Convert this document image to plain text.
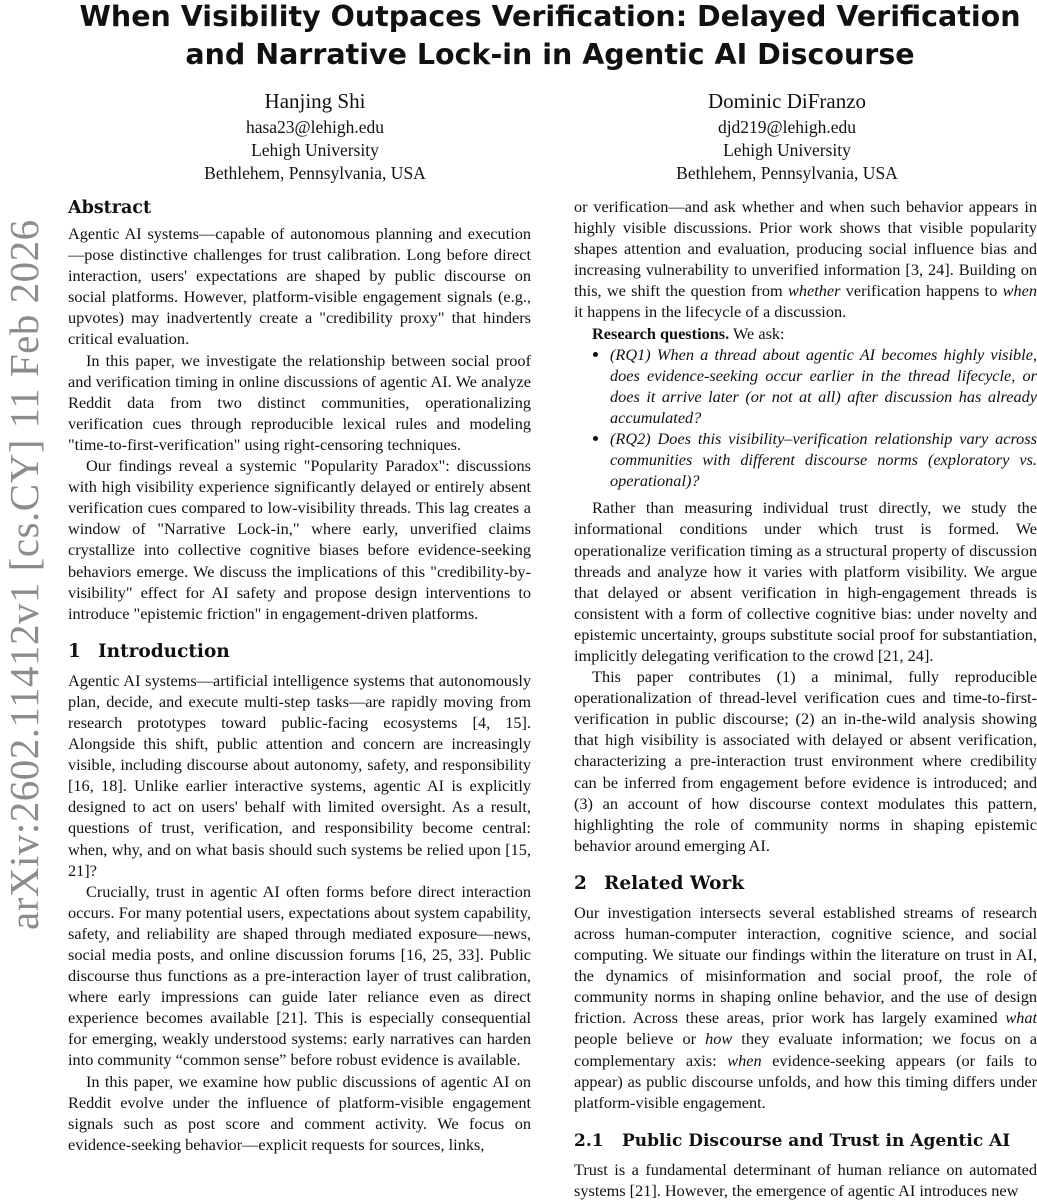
arXiv:2602.11412v1 [cs.CY] 11 Feb 2026
When Visibility Outpaces Verification: Delayed Verification and Narrative Lock-in in Agentic AI Discourse
Hanjing Shi
hasa23@lehigh.edu
Lehigh University
Bethlehem, Pennsylvania, USA
Dominic DiFranzo
djd219@lehigh.edu
Lehigh University
Bethlehem, Pennsylvania, USA
Abstract

Agentic AI systems—capable of autonomous planning and execution—pose distinctive challenges for trust calibration. Long before direct interaction, users' expectations are shaped by public discourse on social platforms. However, platform-visible engagement signals (e.g., upvotes) may inadvertently create a "credibility proxy" that hinders critical evaluation.

In this paper, we investigate the relationship between social proof and verification timing in online discussions of agentic AI. We analyze Reddit data from two distinct communities, operationalizing verification cues through reproducible lexical rules and modeling "time-to-first-verification" using right-censoring techniques.

Our findings reveal a systemic "Popularity Paradox": discussions with high visibility experience significantly delayed or entirely absent verification cues compared to low-visibility threads. This lag creates a window of "Narrative Lock-in," where early, unverified claims crystallize into collective cognitive biases before evidence-seeking behaviors emerge. We discuss the implications of this "credibility-by-visibility" effect for AI safety and propose design interventions to introduce "epistemic friction" in engagement-driven platforms.

1 Introduction

Agentic AI systems—artificial intelligence systems that autonomously plan, decide, and execute multi-step tasks—are rapidly moving from research prototypes toward public-facing ecosystems [4, 15]. Alongside this shift, public attention and concern are increasingly visible, including discourse about autonomy, safety, and responsibility [16, 18]. Unlike earlier interactive systems, agentic AI is explicitly designed to act on users' behalf with limited oversight. As a result, questions of trust, verification, and responsibility become central: when, why, and on what basis should such systems be relied upon [15, 21]?

Crucially, trust in agentic AI often forms before direct interaction occurs. For many potential users, expectations about system capability, safety, and reliability are shaped through mediated exposure—news, social media posts, and online discussion forums [16, 25, 33]. Public discourse thus functions as a pre-interaction layer of trust calibration, where early impressions can guide later reliance even as direct experience becomes available [21]. This is especially consequential for emerging, weakly understood systems: early narratives can harden into community “common sense” before robust evidence is available.

In this paper, we examine how public discussions of agentic AI on Reddit evolve under the influence of platform-visible engagement signals such as post score and comment activity. We focus on evidence-seeking behavior—explicit requests for sources, links,

or verification—and ask whether and when such behavior appears in highly visible discussions. Prior work shows that visible popularity shapes attention and evaluation, producing social influence bias and increasing vulnerability to unverified information [3, 24]. Building on this, we shift the question from whether verification happens to when it happens in the lifecycle of a discussion.

Research questions. We ask:

• (RQ1) When a thread about agentic AI becomes highly visible, does evidence-seeking occur earlier in the thread lifecycle, or does it arrive later (or not at all) after discussion has already accumulated?
• (RQ2) Does this visibility–verification relationship vary across communities with different discourse norms (exploratory vs. operational)?

Rather than measuring individual trust directly, we study the informational conditions under which trust is formed. We operationalize verification timing as a structural property of discussion threads and analyze how it varies with platform visibility. We argue that delayed or absent verification in high-engagement threads is consistent with a form of collective cognitive bias: under novelty and epistemic uncertainty, groups substitute social proof for substantiation, implicitly delegating verification to the crowd [21, 24].

This paper contributes (1) a minimal, fully reproducible operationalization of thread-level verification cues and time-to-first-verification in public discourse; (2) an in-the-wild analysis showing that high visibility is associated with delayed or absent verification, characterizing a pre-interaction trust environment where credibility can be inferred from engagement before evidence is introduced; and (3) an account of how discourse context modulates this pattern, highlighting the role of community norms in shaping epistemic behavior around emerging AI.

2 Related Work

Our investigation intersects several established streams of research across human-computer interaction, cognitive science, and social computing. We situate our findings within the literature on trust in AI, the dynamics of misinformation and social proof, the role of community norms in shaping online behavior, and the use of design friction. Across these areas, prior work has largely examined what people believe or how they evaluate information; we focus on a complementary axis: when evidence-seeking appears (or fails to appear) as public discourse unfolds, and how this timing differs under platform-visible engagement.

2.1 Public Discourse and Trust in Agentic AI

Trust is a fundamental determinant of human reliance on automated systems [21]. However, the emergence of agentic AI introduces new
